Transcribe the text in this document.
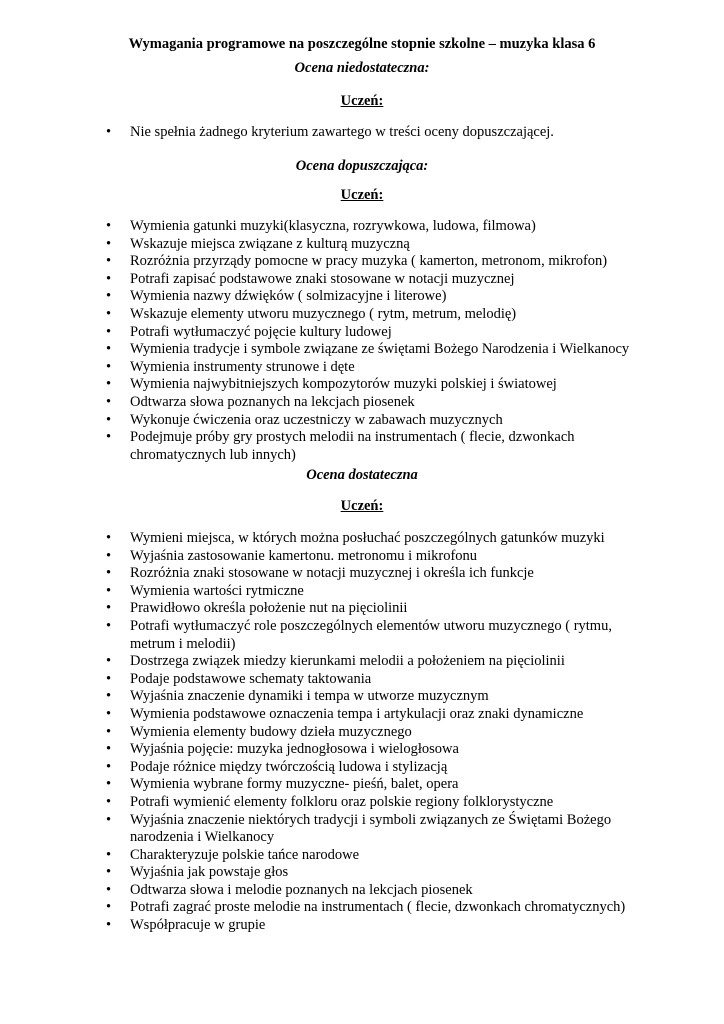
Wymagania programowe na poszczególne stopnie szkolne – muzyka klasa 6
Ocena niedostateczna:
Uczeń:
• Nie spełnia żadnego kryterium zawartego w treści oceny dopuszczającej.
Ocena dopuszczająca:
Uczeń:
• Wymienia gatunki muzyki(klasyczna, rozrywkowa, ludowa, filmowa)
• Wskazuje miejsca związane z kulturą muzyczną
• Rozróżnia przyrządy pomocne w pracy muzyka ( kamerton, metronom, mikrofon)
• Potrafi zapisać podstawowe znaki stosowane w notacji muzycznej
• Wymienia nazwy dźwięków ( solmizacyjne i literowe)
• Wskazuje elementy utworu muzycznego ( rytm, metrum, melodię)
• Potrafi wytłumaczyć pojęcie kultury ludowej
• Wymienia tradycje i symbole związane ze świętami Bożego Narodzenia i Wielkanocy
• Wymienia instrumenty strunowe i dęte
• Wymienia najwybitniejszych kompozytorów muzyki polskiej i światowej
• Odtwarza słowa poznanych na lekcjach piosenek
• Wykonuje ćwiczenia oraz uczestniczy w zabawach muzycznych
• Podejmuje próby gry prostych melodii na instrumentach ( flecie, dzwonkach chromatycznych lub innych)
Ocena dostateczna
Uczeń:
• Wymieni miejsca, w których można posłuchać poszczególnych gatunków muzyki
• Wyjaśnia zastosowanie kamertonu. metronomu i mikrofonu
• Rozróżnia znaki stosowane w notacji muzycznej i określa ich funkcje
• Wymienia wartości rytmiczne
• Prawidłowo określa położenie nut na pięciolinii
• Potrafi wytłumaczyć role poszczególnych elementów utworu muzycznego ( rytmu, metrum i melodii)
• Dostrzega związek miedzy kierunkami melodii a położeniem na pięciolinii
• Podaje podstawowe schematy taktowania
• Wyjaśnia znaczenie dynamiki i tempa w utworze muzycznym
• Wymienia podstawowe oznaczenia tempa i artykulacji oraz znaki dynamiczne
• Wymienia elementy budowy dzieła muzycznego
• Wyjaśnia pojęcie: muzyka jednogłosowa i wielogłosowa
• Podaje różnice między twórczością ludowa i stylizacją
• Wymienia wybrane formy muzyczne- pieśń, balet, opera
• Potrafi wymienić elementy folkloru oraz polskie regiony folklorystyczne
• Wyjaśnia znaczenie niektórych tradycji i symboli związanych ze Świętami Bożego narodzenia i Wielkanocy
• Charakteryzuje polskie tańce narodowe
• Wyjaśnia jak powstaje głos
• Odtwarza słowa i melodie poznanych na lekcjach piosenek
• Potrafi zagrać proste melodie na instrumentach ( flecie, dzwonkach chromatycznych)
• Współpracuje w grupie
